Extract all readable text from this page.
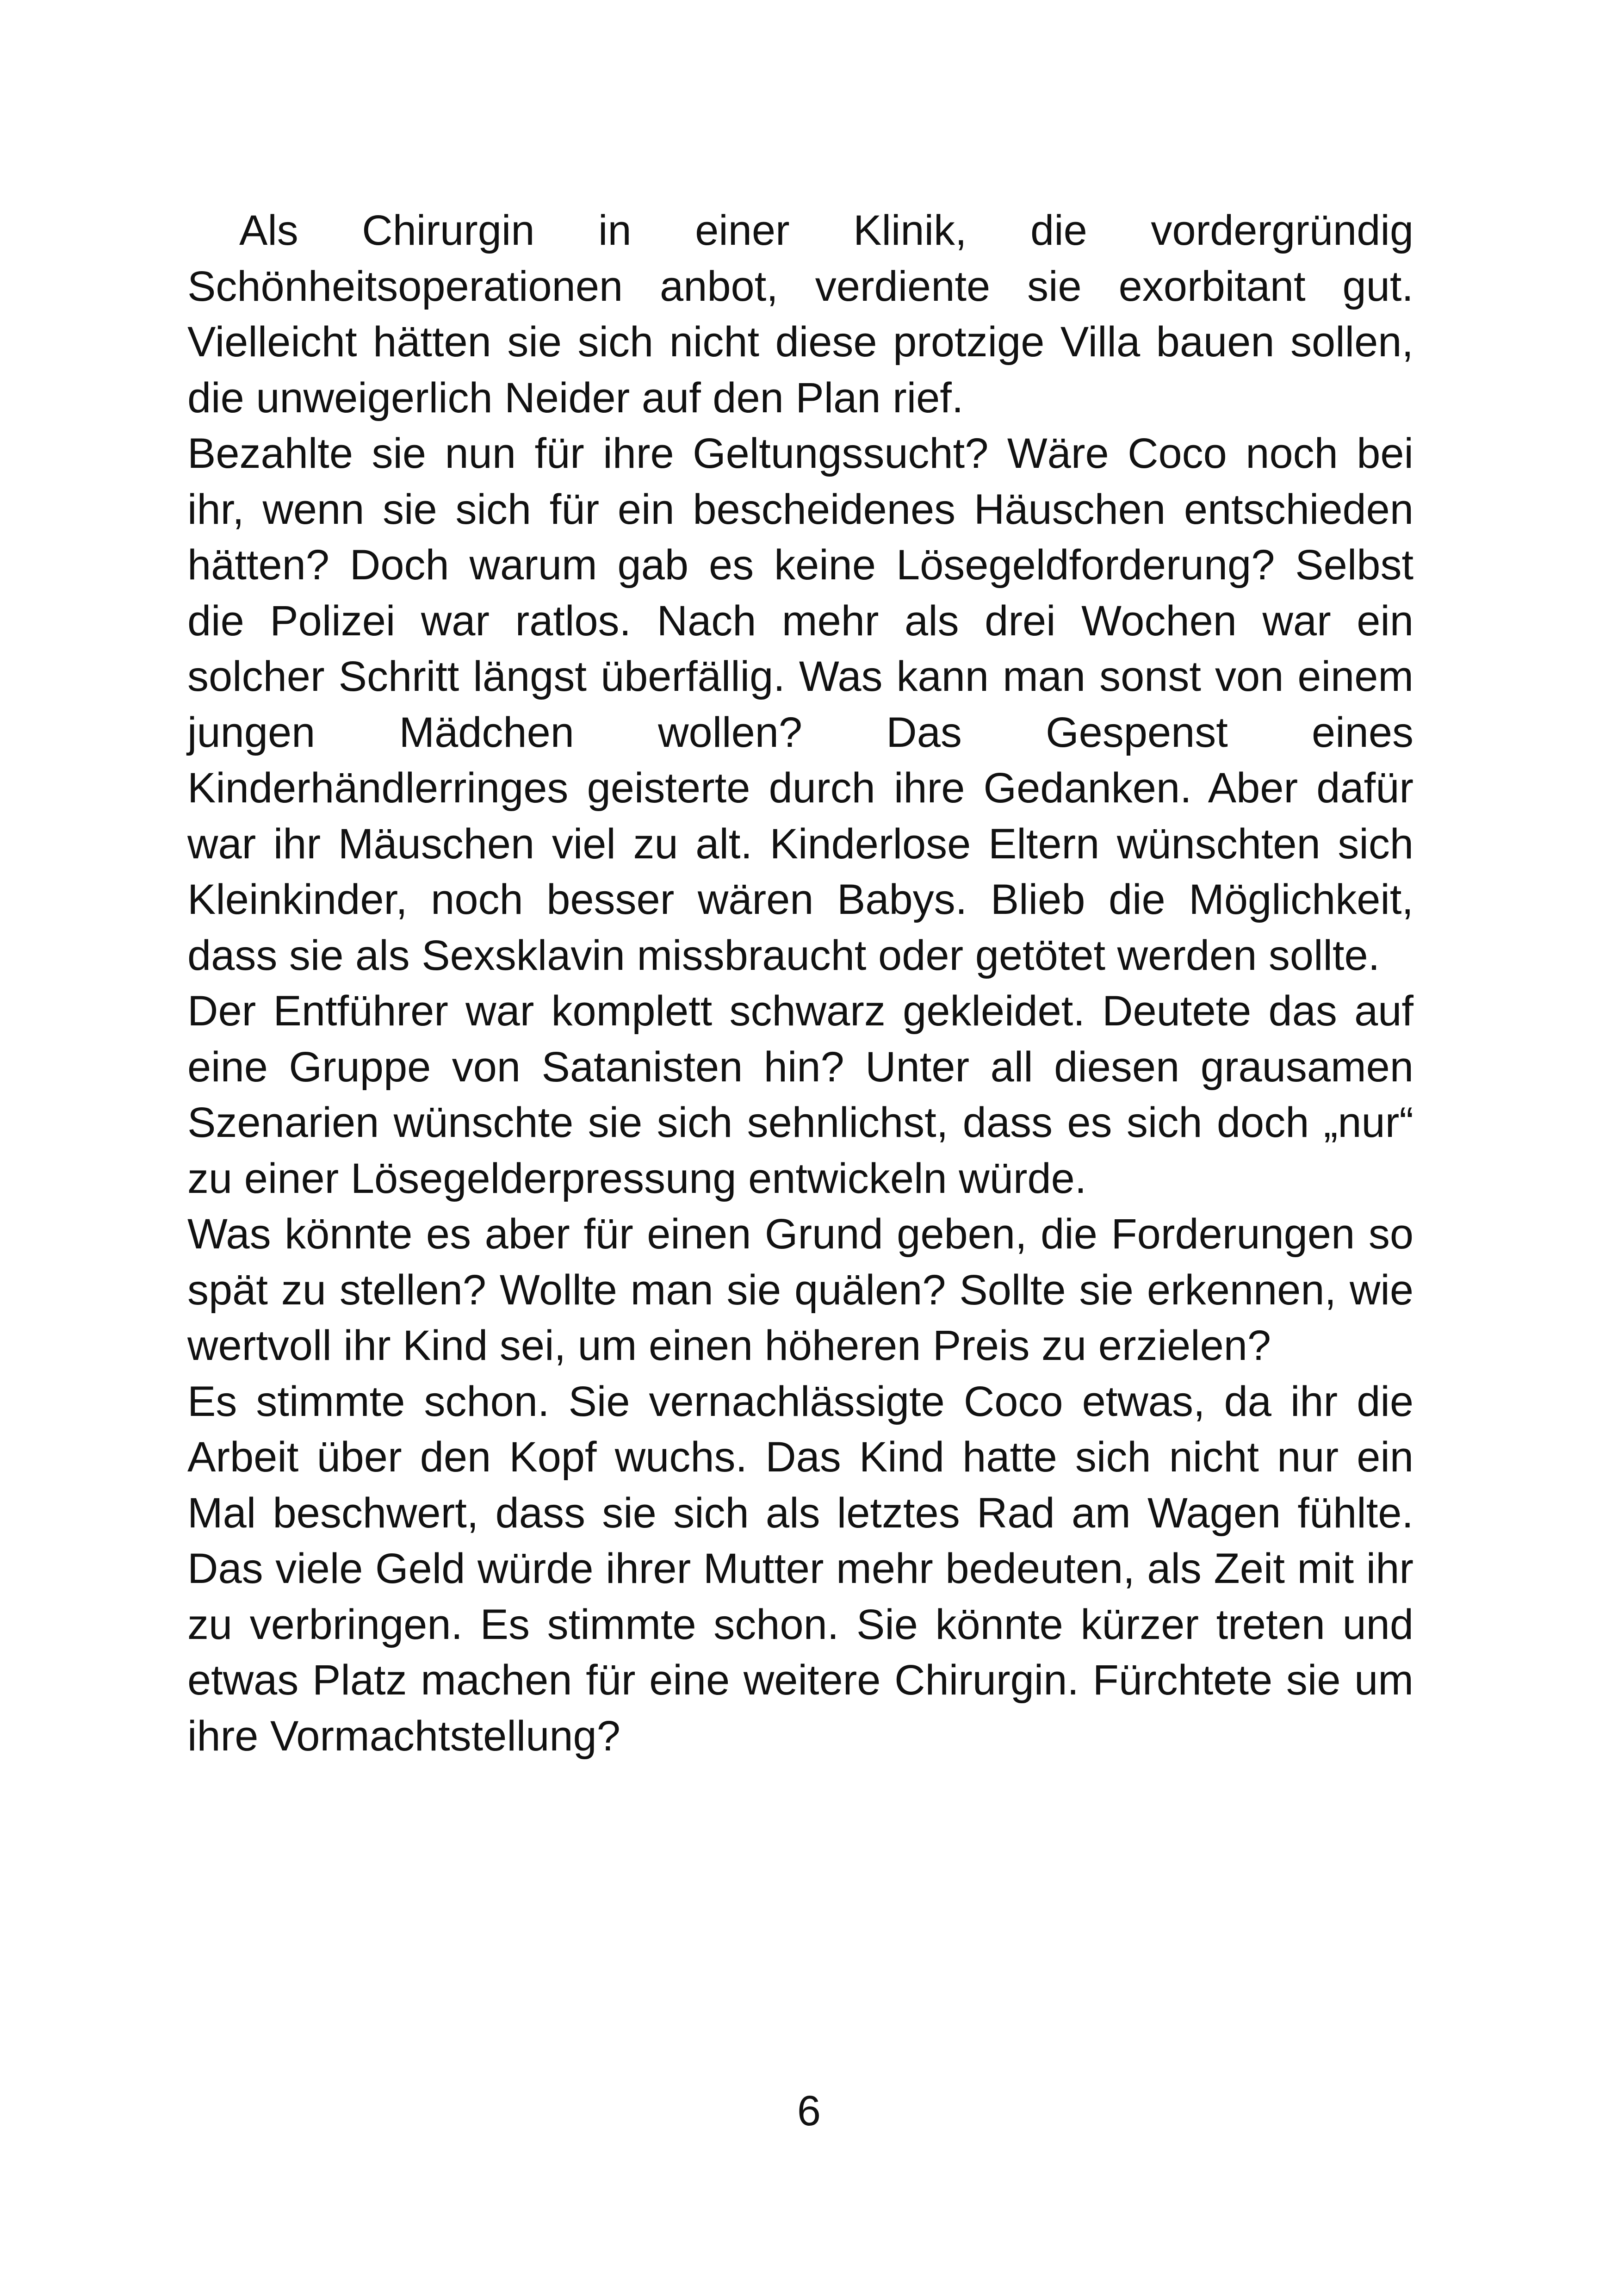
Als Chirurgin in einer Klinik, die vordergründig Schönheitsoperationen anbot, verdiente sie exorbitant gut. Vielleicht hätten sie sich nicht diese protzige Villa bauen sollen, die unweigerlich Neider auf den Plan rief.

Bezahlte sie nun für ihre Geltungssucht? Wäre Coco noch bei ihr, wenn sie sich für ein bescheidenes Häuschen entschieden hätten? Doch warum gab es keine Lösegeldforderung? Selbst die Polizei war ratlos. Nach mehr als drei Wochen war ein solcher Schritt längst überfällig. Was kann man sonst von einem jungen Mädchen wollen? Das Gespenst eines Kinderhändlerringes geisterte durch ihre Gedanken. Aber dafür war ihr Mäuschen viel zu alt. Kinderlose Eltern wünschten sich Kleinkinder, noch besser wären Babys. Blieb die Möglichkeit, dass sie als Sexsklavin missbraucht oder getötet werden sollte.

Der Entführer war komplett schwarz gekleidet. Deutete das auf eine Gruppe von Satanisten hin? Unter all diesen grausamen Szenarien wünschte sie sich sehnlichst, dass es sich doch „nur“ zu einer Lösegelderpressung entwickeln würde.

Was könnte es aber für einen Grund geben, die Forderungen so spät zu stellen? Wollte man sie quälen? Sollte sie erkennen, wie wertvoll ihr Kind sei, um einen höheren Preis zu erzielen?

Es stimmte schon. Sie vernachlässigte Coco etwas, da ihr die Arbeit über den Kopf wuchs. Das Kind hatte sich nicht nur ein Mal beschwert, dass sie sich als letztes Rad am Wagen fühlte. Das viele Geld würde ihrer Mutter mehr bedeuten, als Zeit mit ihr zu verbringen. Es stimmte schon. Sie könnte kürzer treten und etwas Platz machen für eine weitere Chirurgin. Fürchtete sie um ihre Vormachtstellung?

6
